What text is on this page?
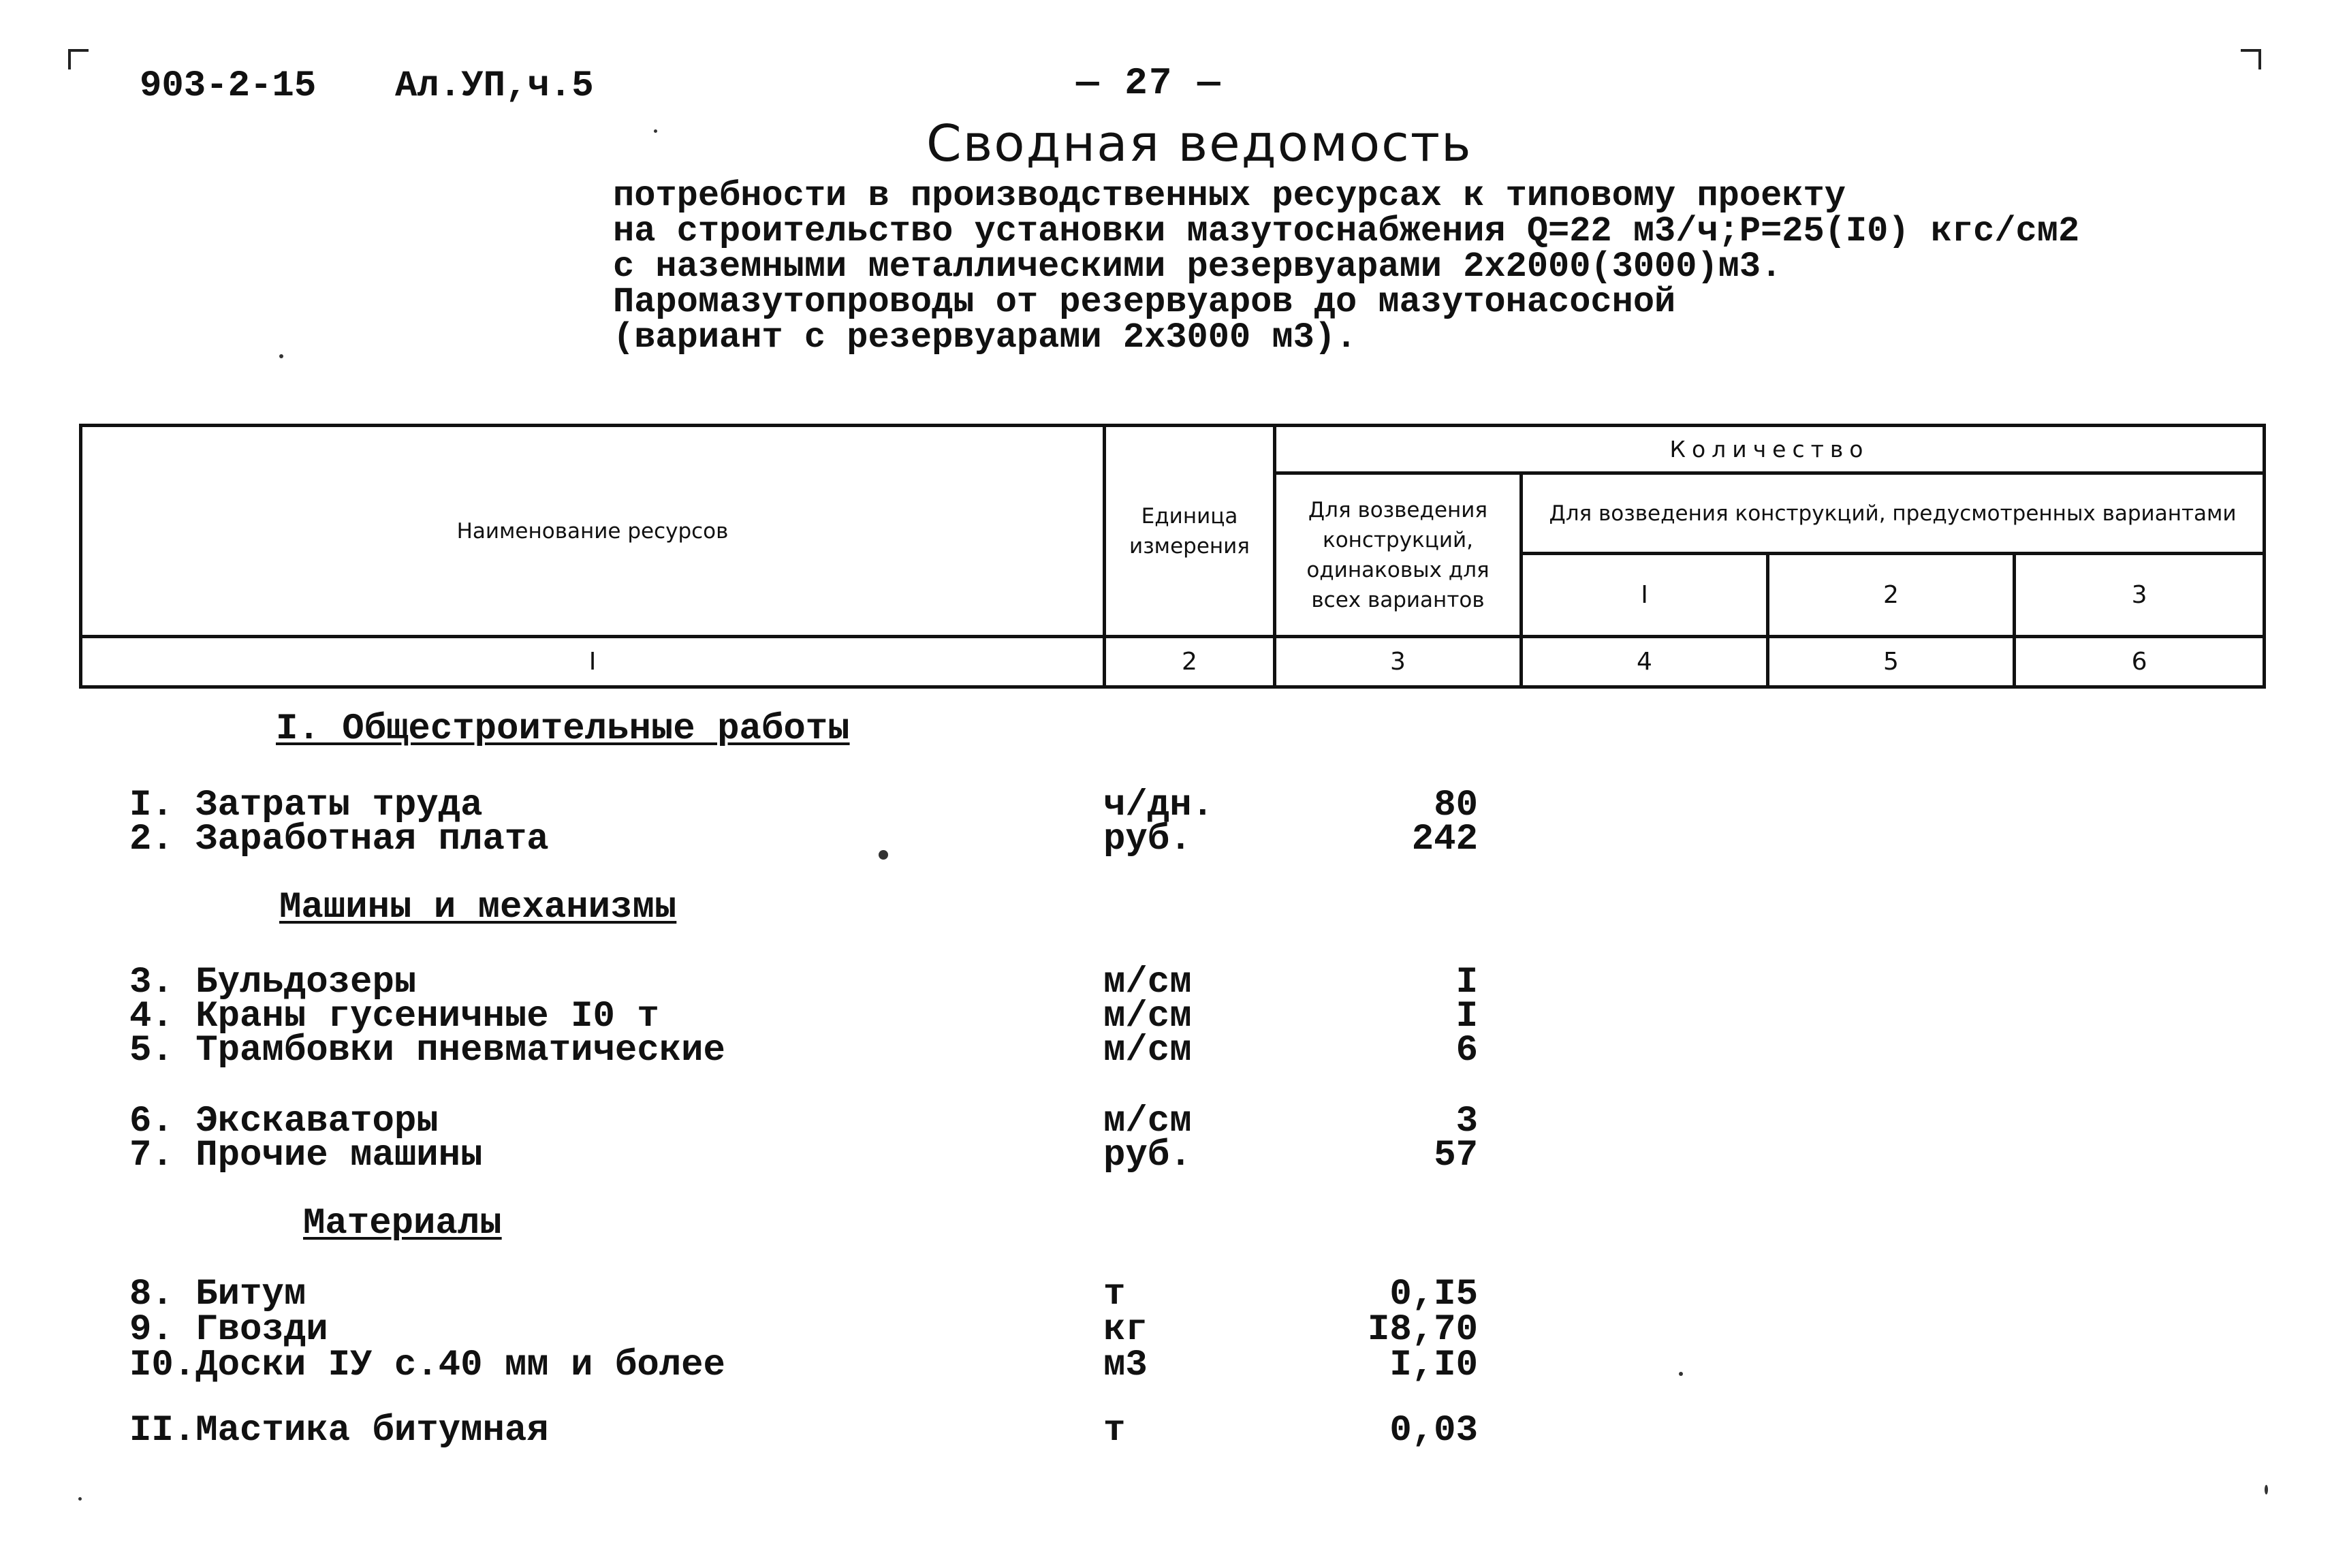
903-2-15 Ал.УП,ч.5	— 27 —
Сводная ведомость
потребности в производственных ресурсах к типовому проекту
на строительство установки мазутоснабжения Q=22 м3/ч;Р=25(I0) кгс/см2
с наземными металлическими резервуарами 2х2000(3000)м3.
Паромазутопроводы от резервуаров до мазутонасосной
(вариант с резервуарами 2х3000 м3).
Наименование ресурсов	Единица измерения	Количество			
		Для возведения конструкций, одинаковых для всех вариантов	Для возведения конструкций, предусмотренных вариантами		
			I	2	3
I	2	3	4	5	6
I. Общестроительные работы
Машины и механизмы
Материалы
I. Затраты труда	ч/дн.	80
2. Заработная плата	руб.	242
3. Бульдозеры	м/см	I
4. Краны гусеничные I0 т	м/см	I
5. Трамбовки пневматические	м/см	6
6. Экскаваторы	м/см	3
7. Прочие машины	руб.	57
8. Битум	т	0,I5
9. Гвозди	кг	I8,70
I0.Доски IУ с.40 мм и более	м3	I,I0
II.Мастика битумная	т	0,03
